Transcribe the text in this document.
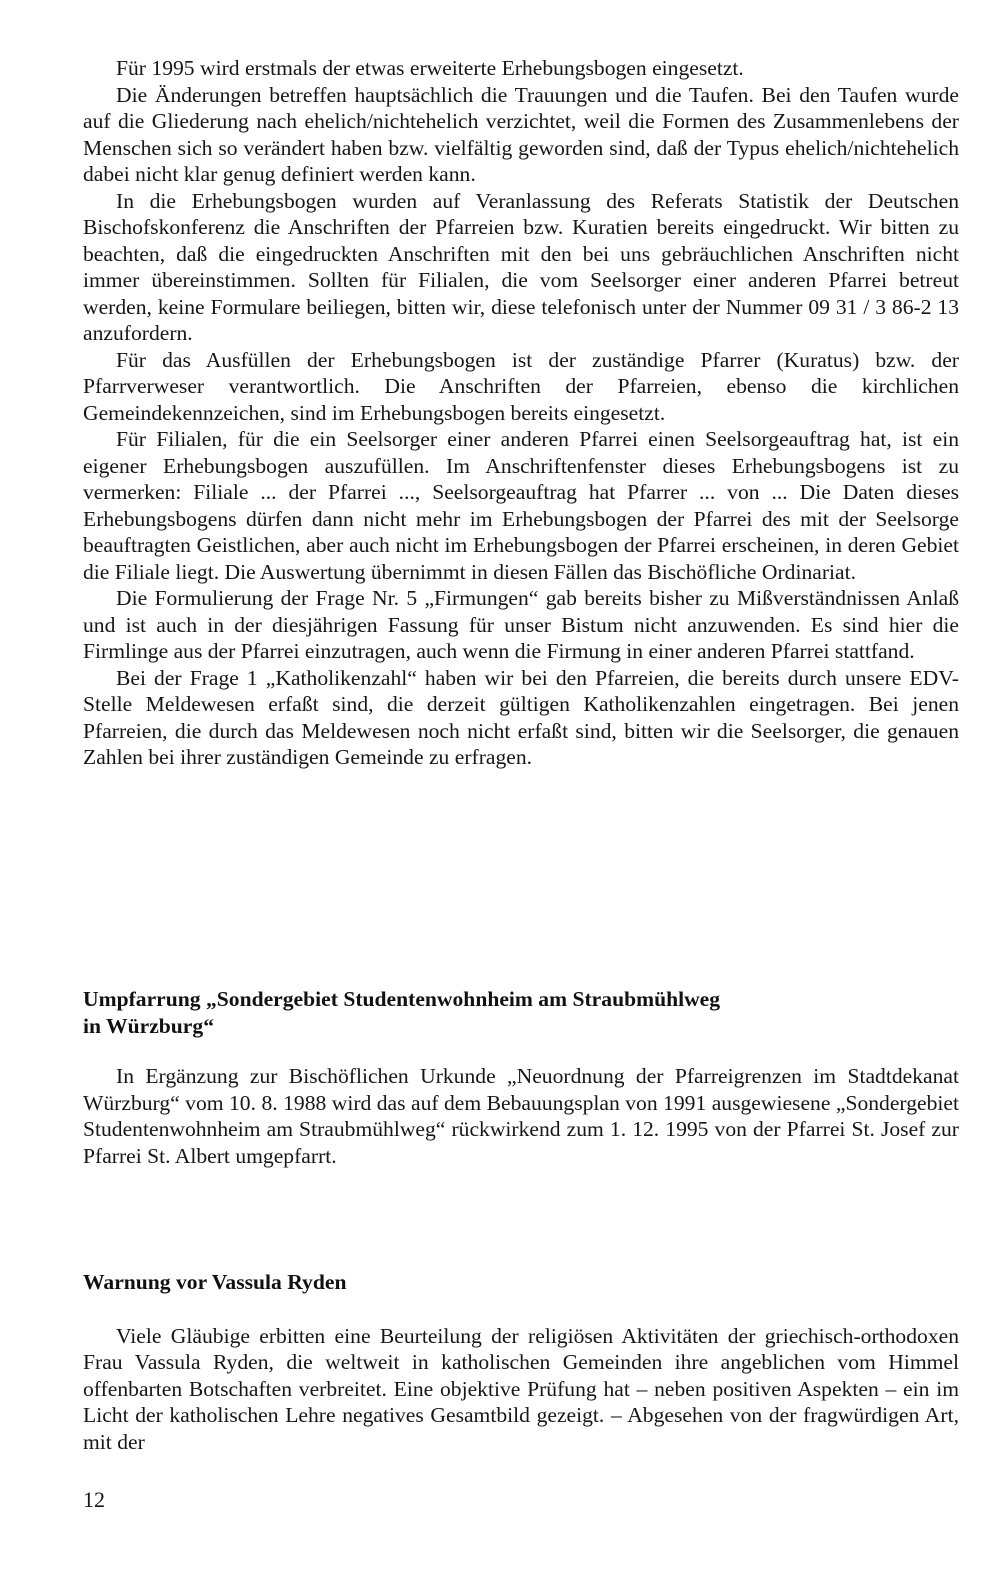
Für 1995 wird erstmals der etwas erweiterte Erhebungsbogen eingesetzt.

Die Änderungen betreffen hauptsächlich die Trauungen und die Taufen. Bei den Taufen wurde auf die Gliederung nach ehelich/nichtehelich verzichtet, weil die Formen des Zusammenlebens der Menschen sich so verändert haben bzw. vielfältig geworden sind, daß der Typus ehelich/nichtehelich dabei nicht klar genug definiert werden kann.

In die Erhebungsbogen wurden auf Veranlassung des Referats Statistik der Deutschen Bischofskonferenz die Anschriften der Pfarreien bzw. Kuratien bereits eingedruckt. Wir bitten zu beachten, daß die eingedruckten Anschriften mit den bei uns gebräuchlichen Anschriften nicht immer übereinstimmen. Sollten für Filialen, die vom Seelsorger einer anderen Pfarrei betreut werden, keine Formulare beiliegen, bitten wir, diese telefonisch unter der Nummer 09 31 / 3 86-2 13 anzufordern.

Für das Ausfüllen der Erhebungsbogen ist der zuständige Pfarrer (Kuratus) bzw. der Pfarrverweser verantwortlich. Die Anschriften der Pfarreien, ebenso die kirchlichen Gemeindekennzeichen, sind im Erhebungsbogen bereits eingesetzt.

Für Filialen, für die ein Seelsorger einer anderen Pfarrei einen Seelsorgeauftrag hat, ist ein eigener Erhebungsbogen auszufüllen. Im Anschriftenfenster dieses Erhebungsbogens ist zu vermerken: Filiale ... der Pfarrei ..., Seelsorgeauftrag hat Pfarrer ... von ... Die Daten dieses Erhebungsbogens dürfen dann nicht mehr im Erhebungsbogen der Pfarrei des mit der Seelsorge beauftragten Geistlichen, aber auch nicht im Erhebungsbogen der Pfarrei erscheinen, in deren Gebiet die Filiale liegt. Die Auswertung übernimmt in diesen Fällen das Bischöfliche Ordinariat.

Die Formulierung der Frage Nr. 5 „Firmungen“ gab bereits bisher zu Mißverständnissen Anlaß und ist auch in der diesjährigen Fassung für unser Bistum nicht anzuwenden. Es sind hier die Firmlinge aus der Pfarrei einzutragen, auch wenn die Firmung in einer anderen Pfarrei stattfand.

Bei der Frage 1 „Katholikenzahl“ haben wir bei den Pfarreien, die bereits durch unsere EDV-Stelle Meldewesen erfaßt sind, die derzeit gültigen Katholikenzahlen eingetragen. Bei jenen Pfarreien, die durch das Meldewesen noch nicht erfaßt sind, bitten wir die Seelsorger, die genauen Zahlen bei ihrer zuständigen Gemeinde zu erfragen.

Umpfarrung „Sondergebiet Studentenwohnheim am Straubmühlweg
in Würzburg“

In Ergänzung zur Bischöflichen Urkunde „Neuordnung der Pfarreigrenzen im Stadtdekanat Würzburg“ vom 10. 8. 1988 wird das auf dem Bebauungsplan von 1991 ausgewiesene „Sondergebiet Studentenwohnheim am Straubmühlweg“ rückwirkend zum 1. 12. 1995 von der Pfarrei St. Josef zur Pfarrei St. Albert umgepfarrt.

Warnung vor Vassula Ryden

Viele Gläubige erbitten eine Beurteilung der religiösen Aktivitäten der griechisch-orthodoxen Frau Vassula Ryden, die weltweit in katholischen Gemeinden ihre angeblichen vom Himmel offenbarten Botschaften verbreitet. Eine objektive Prüfung hat – neben positiven Aspekten – ein im Licht der katholischen Lehre negatives Gesamtbild gezeigt. – Abgesehen von der fragwürdigen Art, mit der

12
